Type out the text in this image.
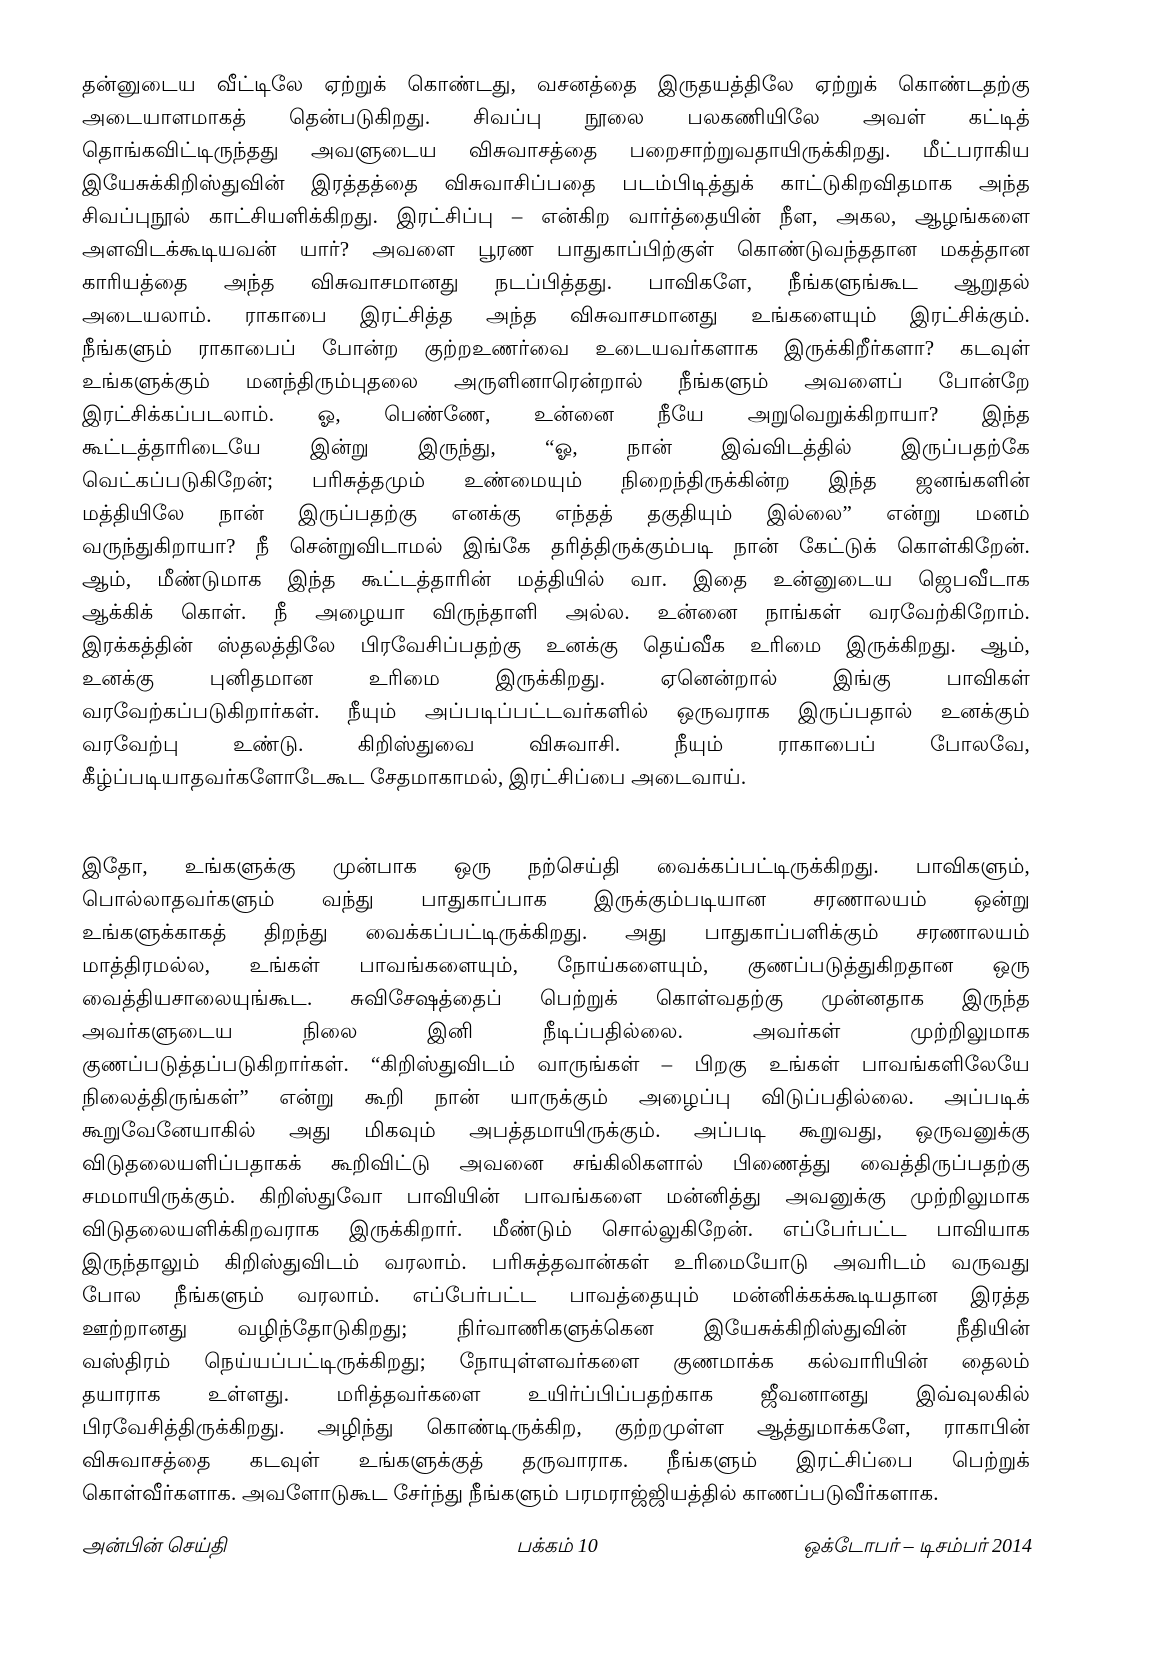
தன்னுடைய வீட்டிலே ஏற்றுக் கொண்டது, வசனத்தை இருதயத்திலே ஏற்றுக் கொண்டதற்கு
அடையாளமாகத் தென்படுகிறது. சிவப்பு நூலை பலகணியிலே அவள் கட்டித்
தொங்கவிட்டிருந்தது அவளுடைய விசுவாசத்தை பறைசாற்றுவதாயிருக்கிறது. மீட்பராகிய
இயேசுக்கிறிஸ்துவின் இரத்தத்தை விசுவாசிப்பதை படம்பிடித்துக் காட்டுகிறவிதமாக அந்த
சிவப்புநூல் காட்சியளிக்கிறது. இரட்சிப்பு – என்கிற வார்த்தையின் நீள, அகல, ஆழங்களை
அளவிடக்கூடியவன் யார்? அவளை பூரண பாதுகாப்பிற்குள் கொண்டுவந்ததான மகத்தான
காரியத்தை அந்த விசுவாசமானது நடப்பித்தது. பாவிகளே, நீங்களுங்கூட ஆறுதல்
அடையலாம். ராகாபை இரட்சித்த அந்த விசுவாசமானது உங்களையும் இரட்சிக்கும்.
நீங்களும் ராகாபைப் போன்ற குற்றஉணர்வை உடையவர்களாக இருக்கிறீர்களா? கடவுள்
உங்களுக்கும் மனந்திரும்புதலை அருளினாரென்றால் நீங்களும் அவளைப் போன்றே
இரட்சிக்கப்படலாம். ஓ, பெண்ணே, உன்னை நீயே அறுவெறுக்கிறாயா? இந்த
கூட்டத்தாரிடையே இன்று இருந்து, “ஓ, நான் இவ்விடத்தில் இருப்பதற்கே
வெட்கப்படுகிறேன்; பரிசுத்தமும் உண்மையும் நிறைந்திருக்கின்ற இந்த ஜனங்களின்
மத்தியிலே நான் இருப்பதற்கு எனக்கு எந்தத் தகுதியும் இல்லை” என்று மனம்
வருந்துகிறாயா? நீ சென்றுவிடாமல் இங்கே தரித்திருக்கும்படி நான் கேட்டுக் கொள்கிறேன்.
ஆம், மீண்டுமாக இந்த கூட்டத்தாரின் மத்தியில் வா. இதை உன்னுடைய ஜெபவீடாக
ஆக்கிக் கொள். நீ அழையா விருந்தாளி அல்ல. உன்னை நாங்கள் வரவேற்கிறோம்.
இரக்கத்தின் ஸ்தலத்திலே பிரவேசிப்பதற்கு உனக்கு தெய்வீக உரிமை இருக்கிறது. ஆம்,
உனக்கு புனிதமான உரிமை இருக்கிறது. ஏனென்றால் இங்கு பாவிகள்
வரவேற்கப்படுகிறார்கள். நீயும் அப்படிப்பட்டவர்களில் ஒருவராக இருப்பதால் உனக்கும்
வரவேற்பு உண்டு. கிறிஸ்துவை விசுவாசி. நீயும் ராகாபைப் போலவே,
கீழ்ப்படியாதவர்களோடேகூட சேதமாகாமல், இரட்சிப்பை அடைவாய்.
இதோ, உங்களுக்கு முன்பாக ஒரு நற்செய்தி வைக்கப்பட்டிருக்கிறது. பாவிகளும்,
பொல்லாதவர்களும் வந்து பாதுகாப்பாக இருக்கும்படியான சரணாலயம் ஒன்று
உங்களுக்காகத் திறந்து வைக்கப்பட்டிருக்கிறது. அது பாதுகாப்பளிக்கும் சரணாலயம்
மாத்திரமல்ல, உங்கள் பாவங்களையும், நோய்களையும், குணப்படுத்துகிறதான ஒரு
வைத்தியசாலையுங்கூட. சுவிசேஷத்தைப் பெற்றுக் கொள்வதற்கு முன்னதாக இருந்த
அவர்களுடைய நிலை இனி நீடிப்பதில்லை. அவர்கள் முற்றிலுமாக
குணப்படுத்தப்படுகிறார்கள். “கிறிஸ்துவிடம் வாருங்கள் – பிறகு உங்கள் பாவங்களிலேயே
நிலைத்திருங்கள்” என்று கூறி நான் யாருக்கும் அழைப்பு விடுப்பதில்லை. அப்படிக்
கூறுவேனேயாகில் அது மிகவும் அபத்தமாயிருக்கும். அப்படி கூறுவது, ஒருவனுக்கு
விடுதலையளிப்பதாகக் கூறிவிட்டு அவனை சங்கிலிகளால் பிணைத்து வைத்திருப்பதற்கு
சமமாயிருக்கும். கிறிஸ்துவோ பாவியின் பாவங்களை மன்னித்து அவனுக்கு முற்றிலுமாக
விடுதலையளிக்கிறவராக இருக்கிறார். மீண்டும் சொல்லுகிறேன். எப்பேர்பட்ட பாவியாக
இருந்தாலும் கிறிஸ்துவிடம் வரலாம். பரிசுத்தவான்கள் உரிமையோடு அவரிடம் வருவது
போல நீங்களும் வரலாம். எப்பேர்பட்ட பாவத்தையும் மன்னிக்கக்கூடியதான இரத்த
ஊற்றானது வழிந்தோடுகிறது; நிர்வாணிகளுக்கென இயேசுக்கிறிஸ்துவின் நீதியின்
வஸ்திரம் நெய்யப்பட்டிருக்கிறது; நோயுள்ளவர்களை குணமாக்க கல்வாரியின் தைலம்
தயாராக உள்ளது. மரித்தவர்களை உயிர்ப்பிப்பதற்காக ஜீவனானது இவ்வுலகில்
பிரவேசித்திருக்கிறது. அழிந்து கொண்டிருக்கிற, குற்றமுள்ள ஆத்துமாக்களே, ராகாபின்
விசுவாசத்தை கடவுள் உங்களுக்குத் தருவாராக. நீங்களும் இரட்சிப்பை பெற்றுக்
கொள்வீர்களாக. அவளோடுகூட சேர்ந்து நீங்களும் பரமராஜ்ஜியத்தில் காணப்படுவீர்களாக.
அன்பின் செய்தி	பக்கம் 10	ஒக்டோபர் – டிசம்பர் 2014
